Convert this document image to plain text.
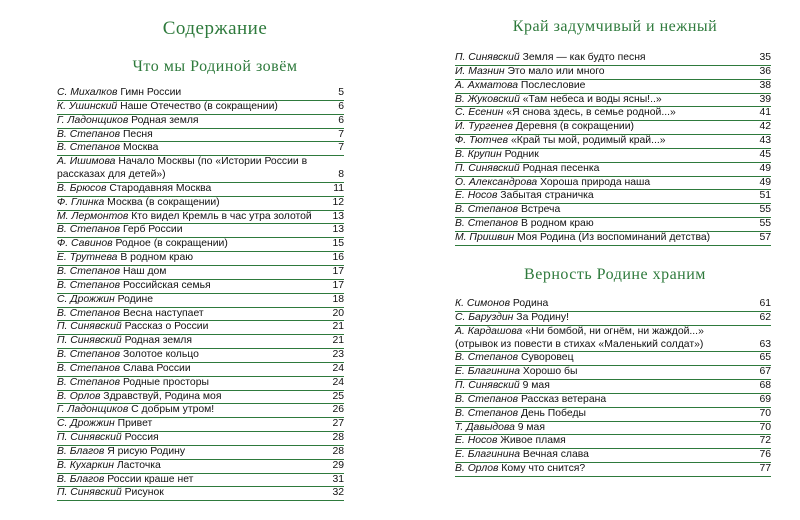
Содержание
Что мы Родиной зовём
Край задумчивый и нежный
Верность Родине храним
С. Михалков Гимн России	5
К. Ушинский Наше Отечество (в сокращении)	6
Г. Ладонщиков Родная земля	6
В. Степанов Песня	7
В. Степанов Москва	7
А. Ишимова Начало Москвы (по «Истории России в рассказах для детей»)	8
В. Брюсов Стародавняя Москва	11
Ф. Глинка Москва (в сокращении)	12
М. Лермонтов Кто видел Кремль в час утра золотой	13
В. Степанов Герб России	13
Ф. Савинов Родное (в сокращении)	15
Е. Трутнева В родном краю	16
В. Степанов Наш дом	17
В. Степанов Российская семья	17
С. Дрожжин Родине	18
В. Степанов Весна наступает	20
П. Синявский Рассказ о России	21
П. Синявский Родная земля	21
В. Степанов Золотое кольцо	23
В. Степанов Слава России	24
В. Степанов Родные просторы	24
В. Орлов Здравствуй, Родина моя	25
Г. Ладонщиков С добрым утром!	26
С. Дрожжин Привет	27
П. Синявский Россия	28
В. Благов Я рисую Родину	28
В. Кухаркин Ласточка	29
В. Благов России краше нет	31
П. Синявский Рисунок	32
П. Синявский Земля — как будто песня	35
И. Мазнин Это мало или много	36
А. Ахматова Послесловие	38
В. Жуковский «Там небеса и воды ясны!..»	39
С. Есенин «Я снова здесь, в семье родной...»	41
И. Тургенев Деревня (в сокращении)	42
Ф. Тютчев «Край ты мой, родимый край...»	43
В. Крупин Родник	45
П. Синявский Родная песенка	49
О. Александрова Хороша природа наша	49
Е. Носов Забытая страничка	51
В. Степанов Встреча	55
В. Степанов В родном краю	55
М. Пришвин Моя Родина (Из воспоминаний детства)	57
К. Симонов Родина	61
С. Баруздин За Родину!	62
А. Кардашова «Ни бомбой, ни огнём, ни жаждой...» (отрывок из повести в стихах «Маленький солдат»)	63
В. Степанов Суворовец	65
Е. Благинина Хорошо бы	67
П. Синявский 9 мая	68
В. Степанов Рассказ ветерана	69
В. Степанов День Победы	70
Т. Давыдова 9 мая	70
Е. Носов Живое пламя	72
Е. Благинина Вечная слава	76
В. Орлов Кому что снится?	77
